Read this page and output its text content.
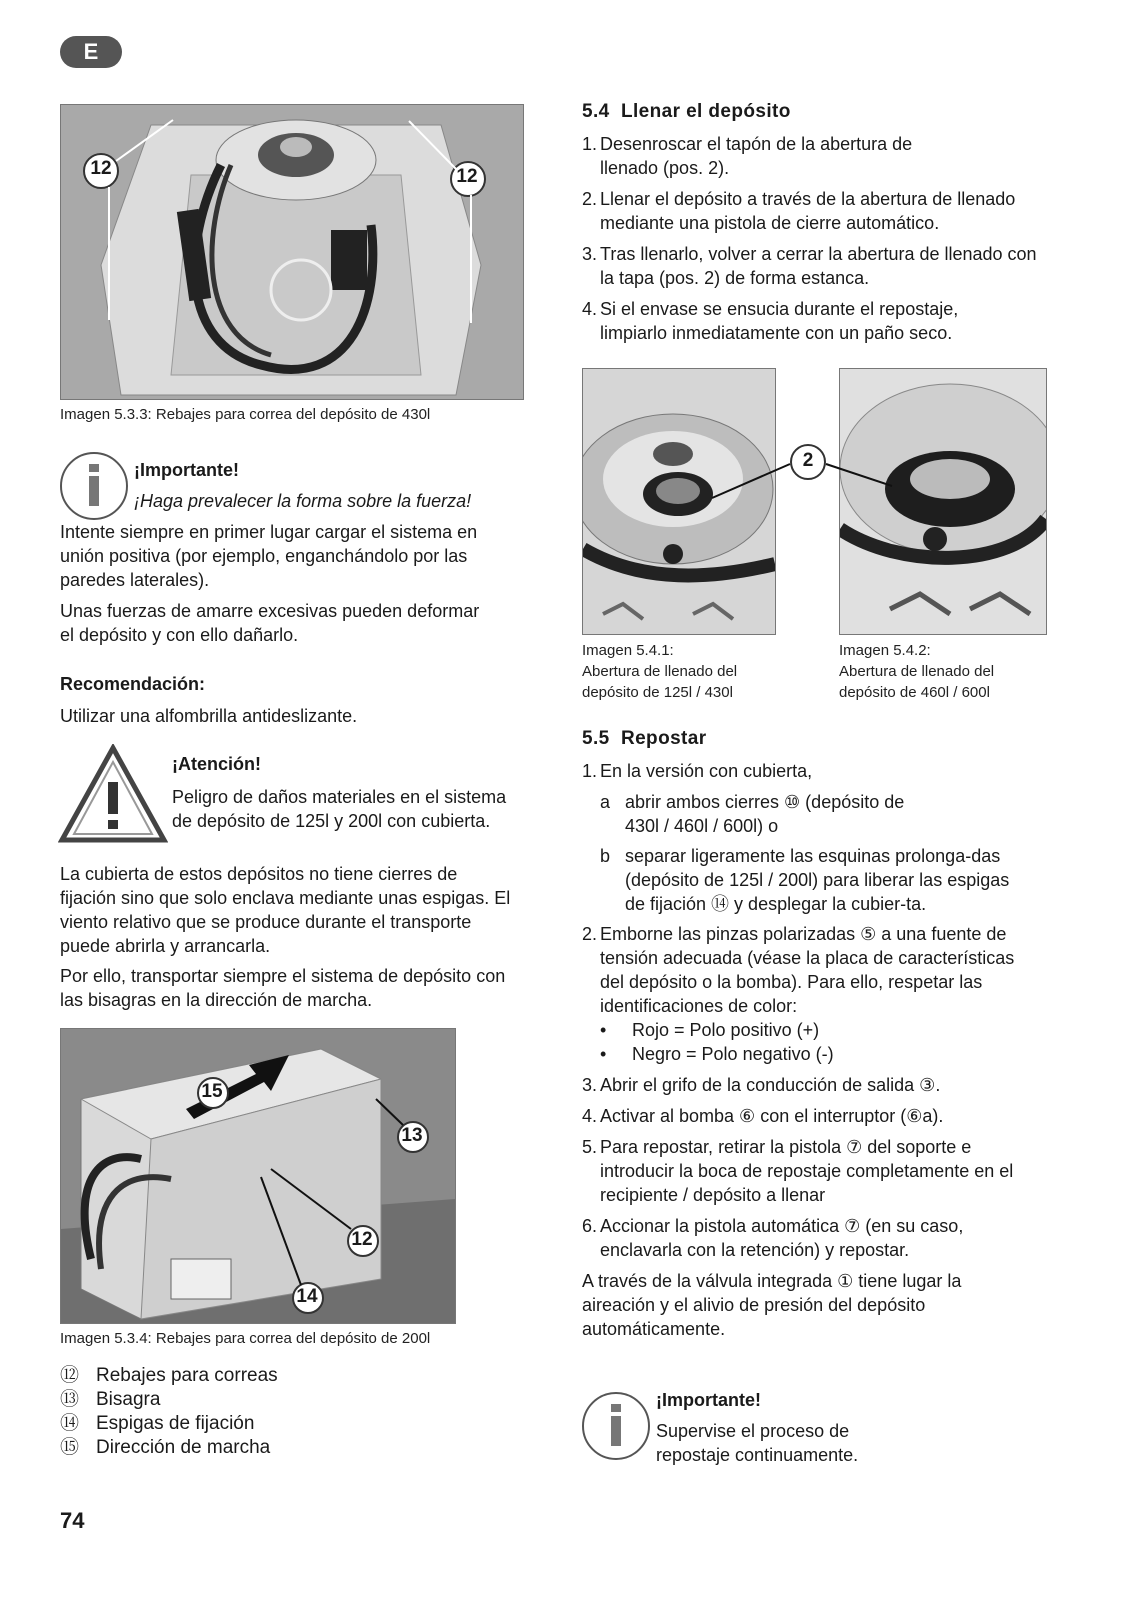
E
12	12
Imagen 5.3.3: Rebajes para correa del depósito de 430l
¡Importante!
¡Haga prevalecer la forma sobre la fuerza!
Intente siempre en primer lugar cargar el sistema en unión positiva (por ejemplo, enganchándolo por las paredes laterales).
Unas fuerzas de amarre excesivas pueden deformar el depósito y con ello dañarlo.
Recomendación:
Utilizar una alfombrilla antideslizante.
¡Atención!
Peligro de daños materiales en el sistema de depósito de 125l y 200l con cubierta.
La cubierta de estos depósitos no tiene cierres de fijación sino que solo enclava mediante unas espigas. El viento relativo que se produce durante el transporte puede abrirla y arrancarla.
Por ello, transportar siempre el sistema de depósito con las bisagras en la dirección de marcha.
15
13
12
14
Imagen 5.3.4: Rebajes para correa del depósito de 200l
⑫ Rebajes para correas
⑬ Bisagra
⑭ Espigas de fijación
⑮ Dirección de marcha
74
5.4  Llenar el depósito
1. Desenroscar el tapón de la abertura de llenado (pos. 2).
2. Llenar el depósito a través de la abertura de llenado mediante una pistola de cierre automático.
3. Tras llenarlo, volver a cerrar la abertura de llenado con la tapa (pos. 2) de forma estanca.
4. Si el envase se ensucia durante el repostaje, limpiarlo inmediatamente con un paño seco.
2
Imagen 5.4.1:
Abertura de llenado del
depósito de 125l / 430l
Imagen 5.4.2:
Abertura de llenado del
depósito de 460l / 600l
5.5  Repostar
1. En la versión con cubierta,
a abrir ambos cierres ⑩ (depósito de 430l / 460l / 600l) o
b separar ligeramente las esquinas prolonga-das (depósito de 125l / 200l) para liberar las espigas de fijación ⑭ y desplegar la cubier-ta.
2. Emborne las pinzas polarizadas ⑤ a una fuente de tensión adecuada (véase la placa de características del depósito o la bomba). Para ello, respetar las identificaciones de color:
•	Rojo = Polo positivo (+)
•	Negro = Polo negativo (-)
3. Abrir el grifo de la conducción de salida ③.
4. Activar al bomba ⑥ con el interruptor (⑥a).
5. Para repostar, retirar la pistola ⑦ del soporte e introducir la boca de repostaje completamente en el recipiente / depósito a llenar
6. Accionar la pistola automática ⑦ (en su caso, enclavarla con la retención) y repostar.
A través de la válvula integrada ① tiene lugar la aireación y el alivio de presión del depósito automáticamente.
¡Importante!
Supervise el proceso de repostaje continuamente.
